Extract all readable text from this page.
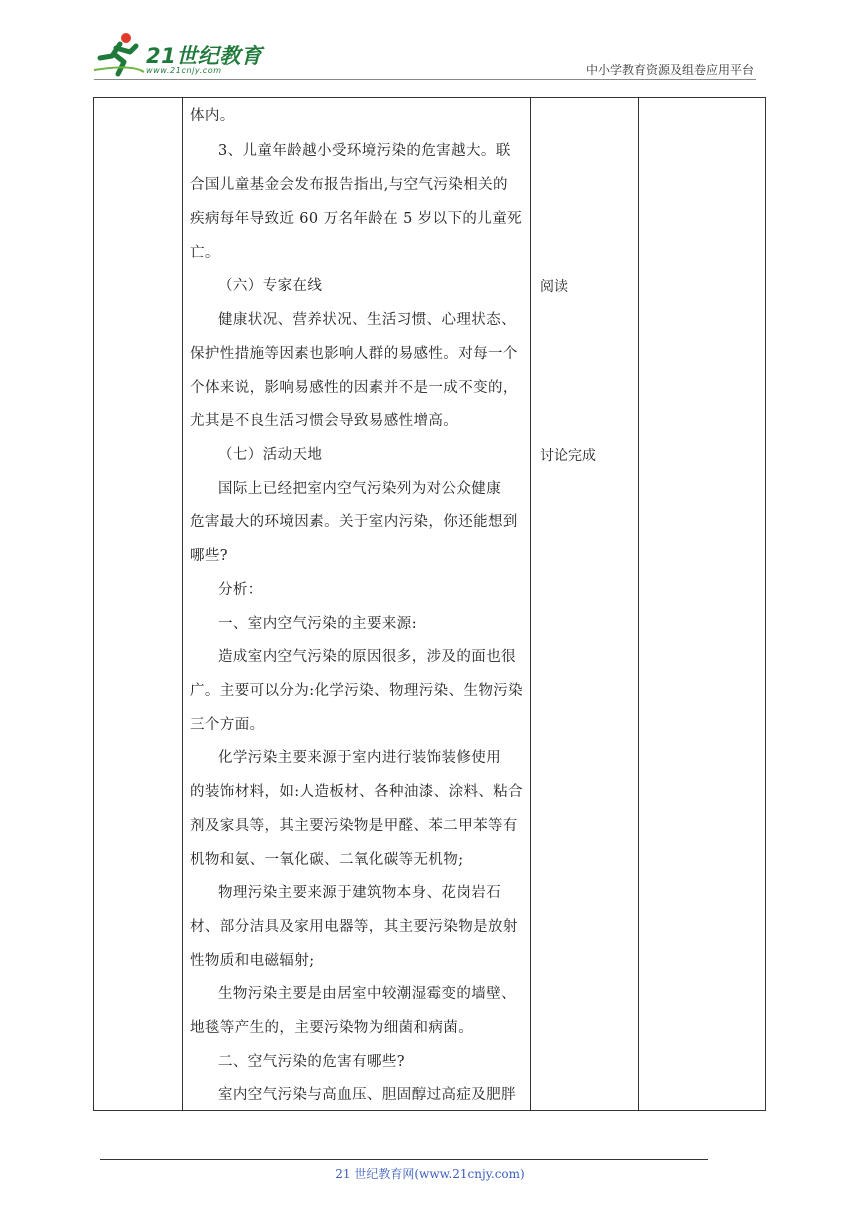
21世纪教育
www.21cnjy.com	中小学教育资源及组卷应用平台
体内。
3、儿童年龄越小受环境污染的危害越大。联
合国儿童基金会发布报告指出,与空气污染相关的
疾病每年导致近 60 万名年龄在 5 岁以下的儿童死
亡。
（六）专家在线
健康状况、营养状况、生活习惯、心理状态、
保护性措施等因素也影响人群的易感性。对每一个
个体来说，影响易感性的因素并不是一成不变的，
尤其是不良生活习惯会导致易感性增高。
（七）活动天地
国际上已经把室内空气污染列为对公众健康
危害最大的环境因素。关于室内污染，你还能想到
哪些?
分析：
一、室内空气污染的主要来源:
造成室内空气污染的原因很多，涉及的面也很
广。主要可以分为:化学污染、物理污染、生物污染
三个方面。
化学污染主要来源于室内进行装饰装修使用
的装饰材料，如:人造板材、各种油漆、涂料、粘合
剂及家具等，其主要污染物是甲醛、苯二甲苯等有
机物和氨、一氧化碳、二氧化碳等无机物;
物理污染主要来源于建筑物本身、花岗岩石
材、部分洁具及家用电器等，其主要污染物是放射
性物质和电磁辐射;
生物污染主要是由居室中较潮湿霉变的墙壁、
地毯等产生的，主要污染物为细菌和病菌。
二、空气污染的危害有哪些?
室内空气污染与高血压、胆固醇过高症及肥胖
阅读
讨论完成
21 世纪教育网(www.21cnjy.com)
